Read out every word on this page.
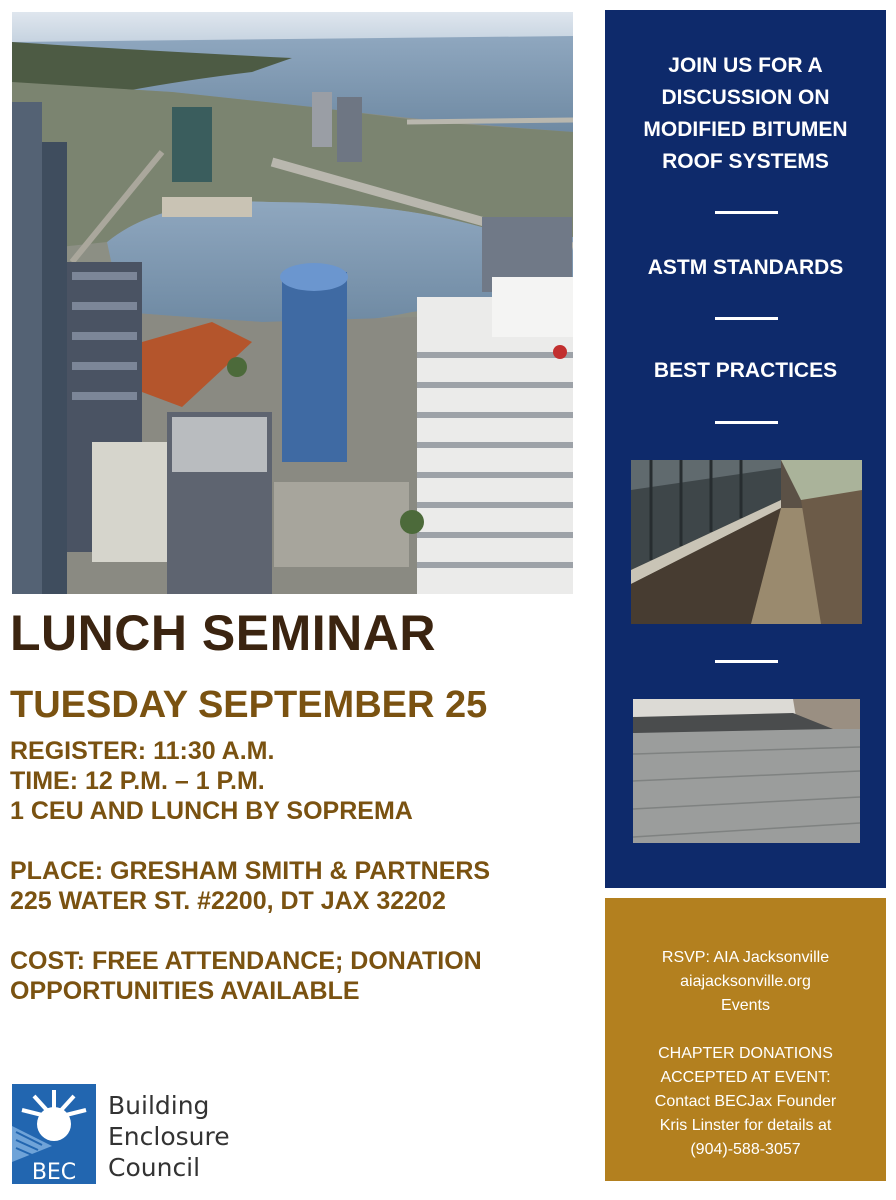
LUNCH SEMINAR
TUESDAY SEPTEMBER 25
REGISTER: 11:30 A.M.
TIME: 12 P.M. – 1 P.M.
1 CEU AND LUNCH BY SOPREMA
PLACE: GRESHAM SMITH & PARTNERS
225 WATER ST. #2200, DT JAX 32202
COST: FREE ATTENDANCE; DONATION
OPPORTUNITIES AVAILABLE
BEC
Building
Enclosure
Council
JOIN US FOR A
DISCUSSION ON
MODIFIED BITUMEN
ROOF SYSTEMS
ASTM STANDARDS
BEST PRACTICES
RSVP: AIA Jacksonville
aiajacksonville.org
Events
CHAPTER DONATIONS
ACCEPTED AT EVENT:
Contact BECJax Founder
Kris Linster for details at
(904)-588-3057
